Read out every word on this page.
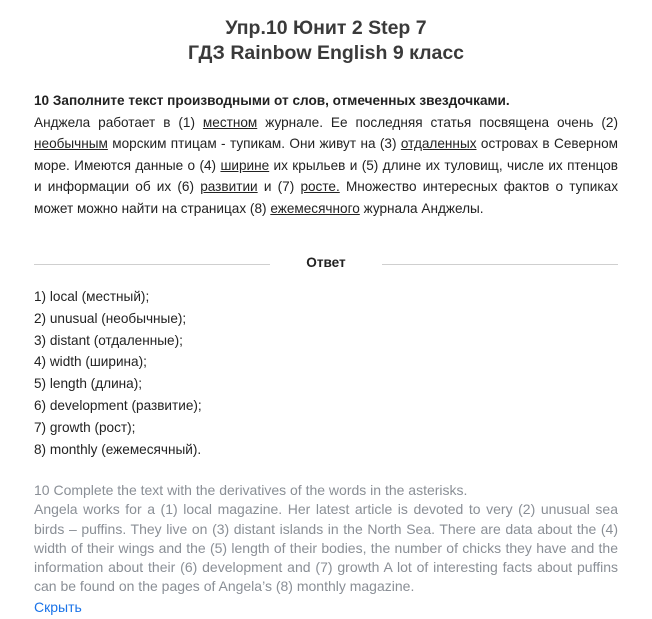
Упр.10 Юнит 2 Step 7
ГДЗ Rainbow English 9 класс
10 Заполните текст производными от слов, отмеченных звездочками.
Анджела работает в (1) местном журнале. Ее последняя статья посвящена очень (2) необычным морским птицам - тупикам. Они живут на (3) отдаленных островах в Северном море. Имеются данные о (4) ширине их крыльев и (5) длине их туловищ, числе их птенцов и информации об их (6) развитии и (7) росте. Множество интересных фактов о тупиках может можно найти на страницах (8) ежемесячного журнала Анджелы.
Ответ
1) local (местный);
2) unusual (необычные);
3) distant (отдаленные);
4) width (ширина);
5) length (длина);
6) development (развитие);
7) growth (рост);
8) monthly (ежемесячный).
10 Complete the text with the derivatives of the words in the asterisks.
Angela works for a (1) local magazine. Her latest article is devoted to very (2) unusual sea birds – puffins. They live on (3) distant islands in the North Sea. There are data about the (4) width of their wings and the (5) length of their bodies, the number of chicks they have and the information about their (6) development and (7) growth A lot of interesting facts about puffins can be found on the pages of Angela’s (8) monthly magazine.
Скрыть
